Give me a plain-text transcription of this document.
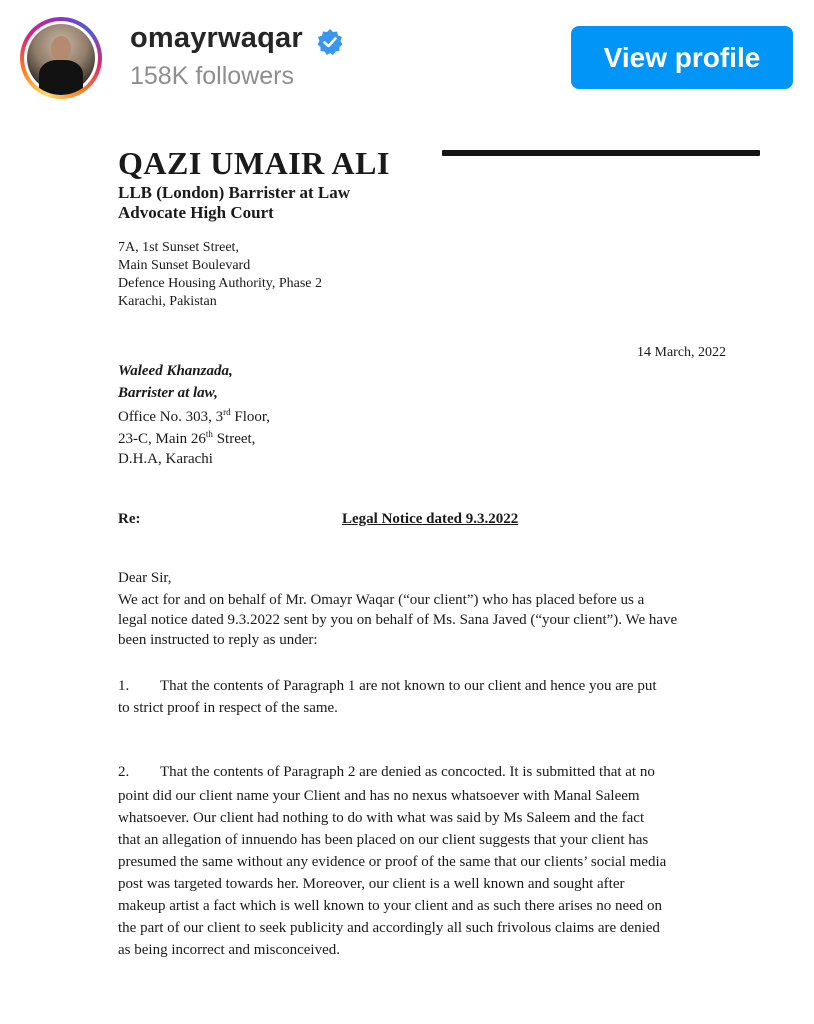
omayrwaqar
158K followers
View profile
QAZI UMAIR ALI
LLB (London) Barrister at Law
Advocate High Court
7A, 1st Sunset Street,
Main Sunset Boulevard
Defence Housing Authority, Phase 2
Karachi, Pakistan
14 March, 2022
Waleed Khanzada,
Barrister at law,
Office No. 303, 3rd Floor,
23-C, Main 26th Street,
D.H.A, Karachi
Re:	Legal Notice dated 9.3.2022
Dear Sir,
We act for and on behalf of Mr. Omayr Waqar (“our client”) who has placed before us a
legal notice dated 9.3.2022 sent by you on behalf of Ms. Sana Javed (“your client”). We have
been instructed to reply as under:
1. That the contents of Paragraph 1 are not known to our client and hence you are put
to strict proof in respect of the same.
2. That the contents of Paragraph 2 are denied as concocted. It is submitted that at no
point did our client name your Client and has no nexus whatsoever with Manal Saleem
whatsoever. Our client had nothing to do with what was said by Ms Saleem and the fact
that an allegation of innuendo has been placed on our client suggests that your client has
presumed the same without any evidence or proof of the same that our clients’ social media
post was targeted towards her. Moreover, our client is a well known and sought after
makeup artist a fact which is well known to your client and as such there arises no need on
the part of our client to seek publicity and accordingly all such frivolous claims are denied
as being incorrect and misconceived.
